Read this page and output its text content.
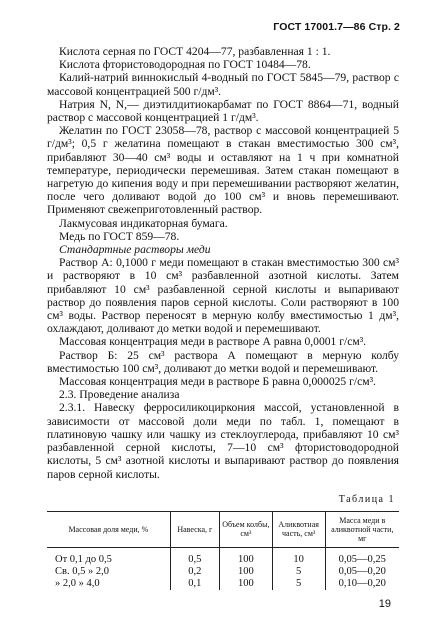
ГОСТ 17001.7—86 Стр. 2

Кислота серная по ГОСТ 4204—77, разбавленная 1 : 1.

Кислота фтористоводородная по ГОСТ 10484—78.

Калий-натрий виннокислый 4-водный по ГОСТ 5845—79, раствор с массовой концентрацией 500 г/дм³.

Натрия N, N,— диэтилдитиокарбамат по ГОСТ 8864—71, водный раствор с массовой концентрацией 1 г/дм³.

Желатин по ГОСТ 23058—78, раствор с массовой концентрацией 5 г/дм³; 0,5 г желатина помещают в стакан вместимостью 300 см³, прибавляют 30—40 см³ воды и оставляют на 1 ч при комнатной температуре, периодически перемешивая. Затем стакан помещают в нагретую до кипения воду и при перемешивании растворяют желатин, после чего доливают водой до 100 см³ и вновь перемешивают. Применяют свежеприготовленный раствор.

Лакмусовая индикаторная бумага.

Медь по ГОСТ 859—78.

Стандартные растворы меди

Раствор А: 0,1000 г меди помещают в стакан вместимостью 300 см³ и растворяют в 10 см³ разбавленной азотной кислоты. Затем прибавляют 10 см³ разбавленной серной кислоты и выпаривают раствор до появления паров серной кислоты. Соли растворяют в 100 см³ воды. Раствор переносят в мерную колбу вместимостью 1 дм³, охлаждают, доливают до метки водой и перемешивают.

Массовая концентрация меди в растворе А равна 0,0001 г/см³.

Раствор Б: 25 см³ раствора А помещают в мерную колбу вместимостью 100 см³, доливают до метки водой и перемешивают.

Массовая концентрация меди в растворе Б равна 0,000025 г/см³.

2.3. Проведение анализа

2.3.1. Навеску ферросиликоциркония массой, установленной в зависимости от массовой доли меди по табл. 1, помещают в платиновую чашку или чашку из стеклоуглерода, прибавляют 10 см³ разбавленной серной кислоты, 7—10 см³ фтористоводородной кислоты, 5 см³ азотной кислоты и выпаривают раствор до появления паров серной кислоты.

Таблица 1
Массовая доля меди, %	Навеска, г	Объем колбы, см³	Аликвотная часть, см³	Масса меди в аликвотной части, мг
От 0,1 до 0,5	0,5	100	10	0,05—0,25
Св. 0,5 » 2,0	0,2	100	5	0,05—0,20
» 2,0 » 4,0	0,1	100	5	0,10—0,20
19
